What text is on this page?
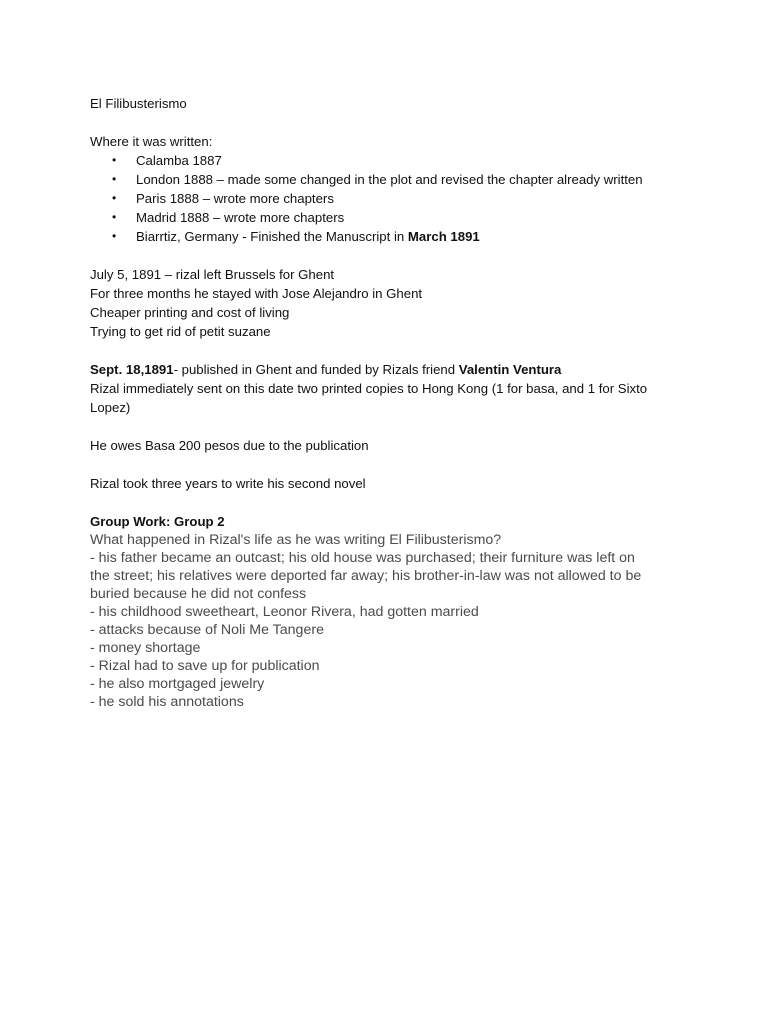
El Filibusterismo

Where it was written:

• Calamba 1887
• London 1888 – made some changed in the plot and revised the chapter already written
• Paris 1888 – wrote more chapters
• Madrid 1888 – wrote more chapters
• Biarrtiz, Germany - Finished the Manuscript in March 1891

July 5, 1891 – rizal left Brussels for Ghent

For three months he stayed with Jose Alejandro in Ghent

Cheaper printing and cost of living

Trying to get rid of petit suzane

Sept. 18,1891- published in Ghent and funded by Rizals friend Valentin Ventura

Rizal immediately sent on this date two printed copies to Hong Kong (1 for basa, and 1 for Sixto

Lopez)

He owes Basa 200 pesos due to the publication

Rizal took three years to write his second novel

Group Work: Group 2

What happened in Rizal's life as he was writing El Filibusterismo?

- his father became an outcast; his old house was purchased; their furniture was left on

the street; his relatives were deported far away; his brother-in-law was not allowed to be

buried because he did not confess

- his childhood sweetheart, Leonor Rivera, had gotten married

- attacks because of Noli Me Tangere

- money shortage

- Rizal had to save up for publication

- he also mortgaged jewelry

- he sold his annotations
